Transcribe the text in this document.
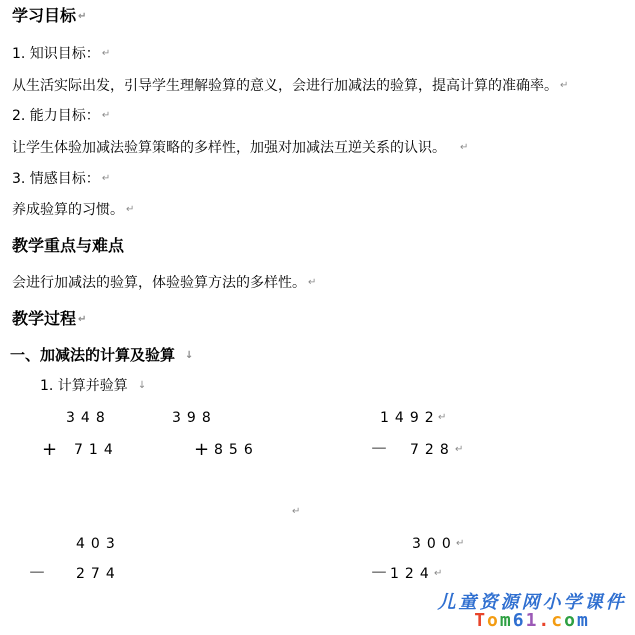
学习目标 ↵
1. 知识目标： ↵
从生活实际出发，引导学生理解验算的意义，会进行加减法的验算，提高计算的准确率。 ↵
2. 能力目标： ↵
让学生体验加减法验算策略的多样性，加强对加减法互逆关系的认识。 ↵
3. 情感目标： ↵
养成验算的习惯。 ↵
教学重点与难点
会进行加减法的验算，体验验算方法的多样性。 ↵
教学过程 ↵
一、加减法的计算及验算 ↓
1. 计算并验算 ↓
348
+ 714
398
+ 856
1492
↵
－ 728 ↵
↵
403
－ 274
300 ↵
－ 124 ↵
儿童资源网小学课件
Tom61.com
